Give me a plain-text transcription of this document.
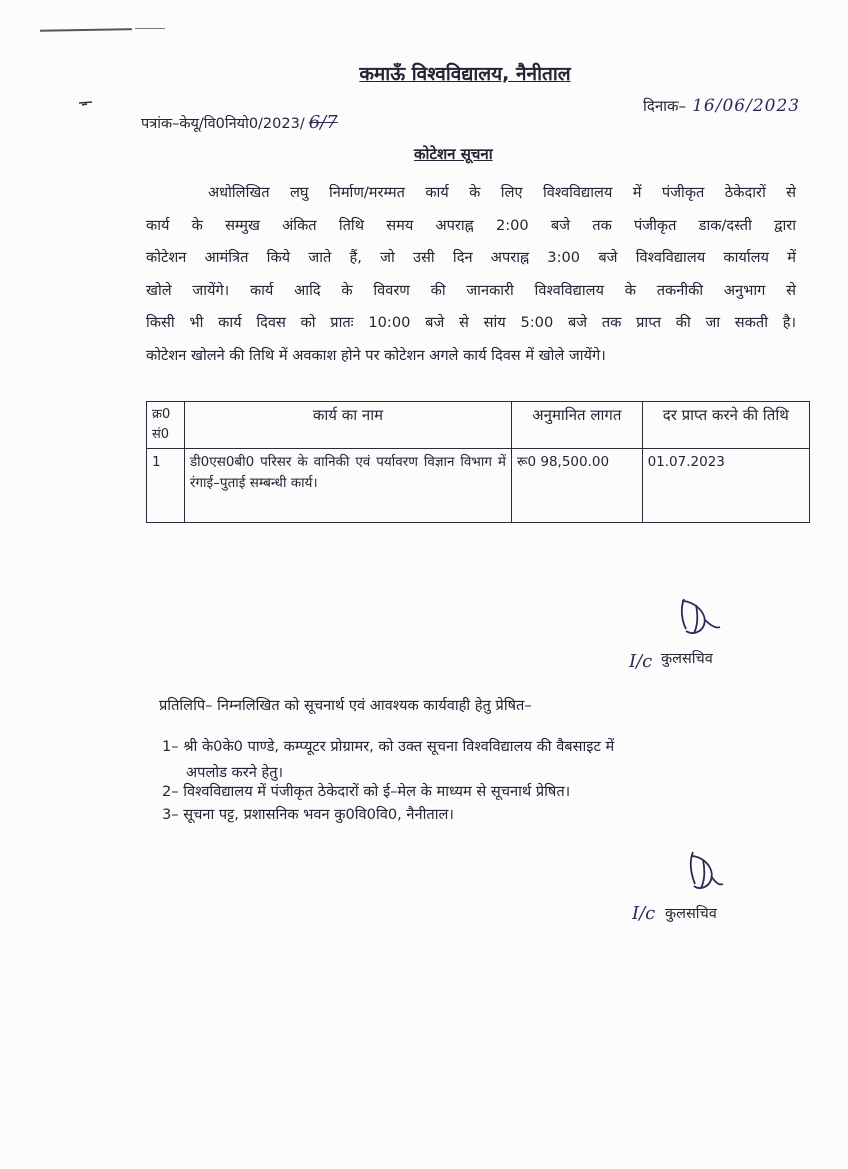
कमाऊँ विश्वविद्यालय, नैनीताल
पत्रांक–केयू/वि0नियो0/2023/ 6/7
दिनाक– 16/06/2023
कोटेशन सूचना
अधोलिखित लघु निर्माण/मरम्मत कार्य के लिए विश्वविद्यालय में पंजीकृत ठेकेदारों से
कार्य के सम्मुख अंकित तिथि समय अपराह्न 2:00 बजे तक पंजीकृत डाक/दस्ती द्वारा
कोटेशन आमंत्रित किये जाते हैं, जो उसी दिन अपराह्न 3:00 बजे विश्वविद्यालय कार्यालय में
खोले जायेंगे। कार्य आदि के विवरण की जानकारी विश्वविद्यालय के तकनीकी अनुभाग से
किसी भी कार्य दिवस को प्रातः 10:00 बजे से सांय 5:00 बजे तक प्राप्त की जा सकती है।
कोटेशन खोलने की तिथि में अवकाश होने पर कोटेशन अगले कार्य दिवस में खोले जायेंगे।
क्र0 सं0	कार्य का नाम	अनुमानित लागत	दर प्राप्त करने की तिथि
1	डी0एस0बी0 परिसर के वानिकी एवं पर्यावरण विज्ञान विभाग में रंगाई–पुताई सम्बन्धी कार्य।	रू0 98,500.00	01.07.2023
I/c कुलसचिव
प्रतिलिपि– निम्नलिखित को सूचनार्थ एवं आवश्यक कार्यवाही हेतु प्रेषित–
1– श्री के0के0 पाण्डे, कम्प्यूटर प्रोग्रामर, को उक्त सूचना विश्वविद्यालय की वैबसाइट में
अपलोड करने हेतु।
2– विश्वविद्यालय में पंजीकृत ठेकेदारों को ई–मेल के माध्यम से सूचनार्थ प्रेषित।
3– सूचना पट्ट, प्रशासनिक भवन कु0वि0वि0, नैनीताल।
I/c कुलसचिव
